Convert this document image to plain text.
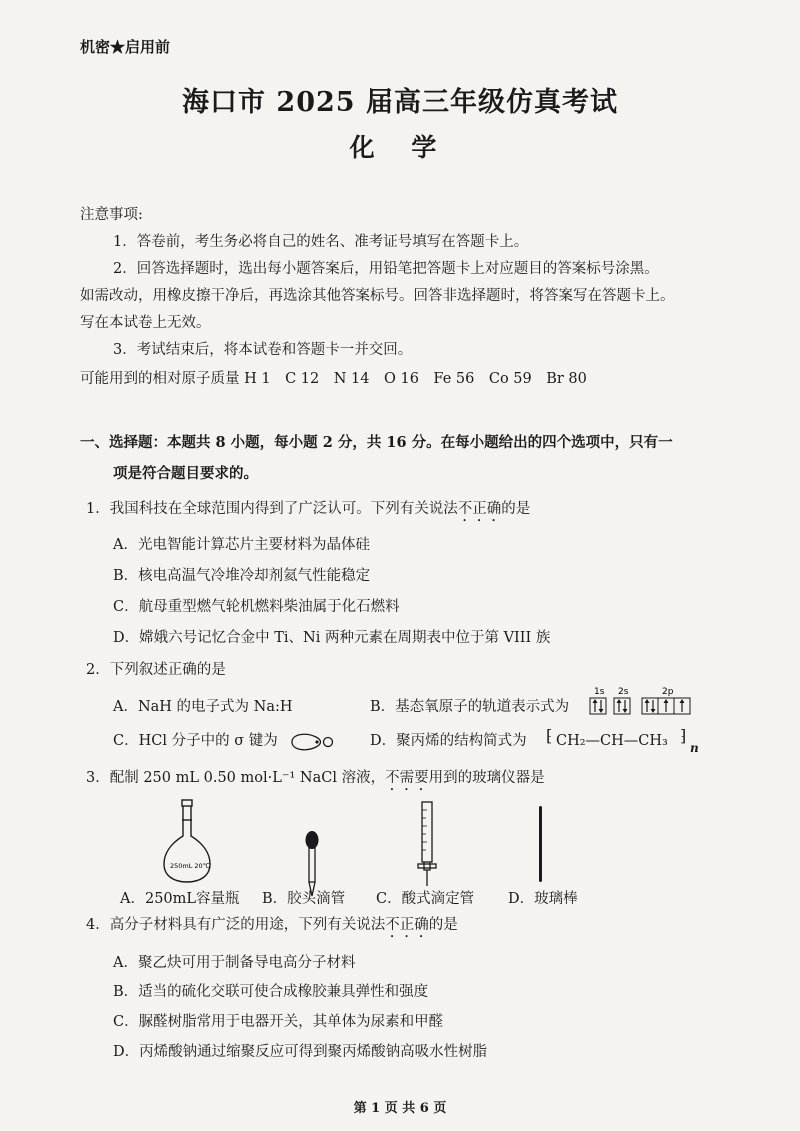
机密★启用前
海口市 2025 届高三年级仿真考试
化 学
注意事项:
1．答卷前，考生务必将自己的姓名、准考证号填写在答题卡上。
2．回答选择题时，选出每小题答案后，用铅笔把答题卡上对应题目的答案标号涂黑。
如需改动，用橡皮擦干净后，再选涂其他答案标号。回答非选择题时，将答案写在答题卡上。
写在本试卷上无效。
3．考试结束后，将本试卷和答题卡一并交回。
可能用到的相对原子质量 H 1　C 12　N 14　O 16　Fe 56　Co 59　Br 80
一、选择题：本题共 8 小题，每小题 2 分，共 16 分。在每小题给出的四个选项中，只有一
项是符合题目要求的。
1．我国科技在全球范围内得到了广泛认可。下列有关说法不正确的是
A．光电智能计算芯片主要材料为晶体硅
B．核电高温气冷堆冷却剂氦气性能稳定
C．航母重型燃气轮机燃料柴油属于化石燃料
D．嫦娥六号记忆合金中 Ti、Ni 两种元素在周期表中位于第 VIII 族
2．下列叙述正确的是
A．NaH 的电子式为 Na:H	B．基态氧原子的轨道表示式为
1s 2s	2p
C．HCl 分子中的 σ 键为	D．聚丙烯的结构简式为 ⁅ CH₂—CH—CH₃ ⁆
n
3．配制 250 mL 0.50 mol·L⁻¹ NaCl 溶液，不需要用到的玻璃仪器是
250mL 20℃
A．250mL容量瓶 B．胶头滴管 C．酸式滴定管 D．玻璃棒
4．高分子材料具有广泛的用途，下列有关说法不正确的是
A．聚乙炔可用于制备导电高分子材料
B．适当的硫化交联可使合成橡胶兼具弹性和强度
C．脲醛树脂常用于电器开关，其单体为尿素和甲醛
D．丙烯酸钠通过缩聚反应可得到聚丙烯酸钠高吸水性树脂
第 1 页 共 6 页
